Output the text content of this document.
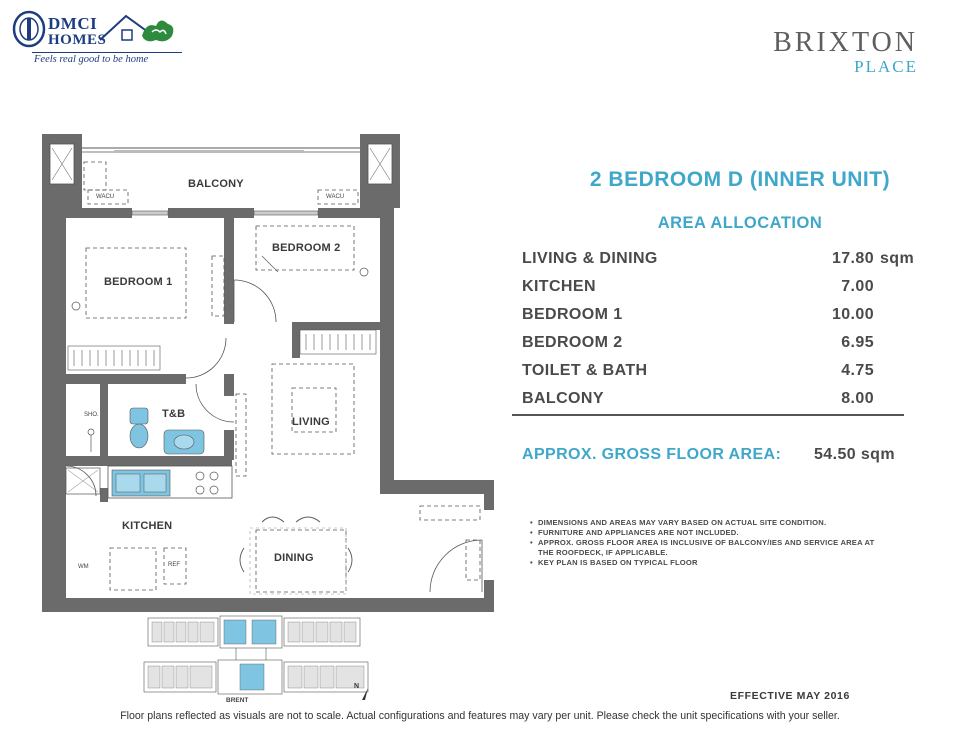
DMCI
HOMES
Feels real good to be home
BRIXTON
PLACE
BALCONY
BEDROOM 2
BEDROOM 1
T&B
LIVING
KITCHEN
DINING
WACU	WACU
SHO.
WM	REF
BRENT
N
2 BEDROOM D (INNER UNIT)
AREA ALLOCATION
LIVING & DINING	17.80 sqm
KITCHEN	7.00
BEDROOM 1	10.00
BEDROOM 2	6.95
TOILET & BATH	4.75
BALCONY	8.00
APPROX. GROSS FLOOR AREA: 54.50 sqm
• DIMENSIONS AND AREAS MAY VARY BASED ON ACTUAL SITE CONDITION.
• FURNITURE AND APPLIANCES ARE NOT INCLUDED.
• APPROX. GROSS FLOOR AREA IS INCLUSIVE OF BALCONY/IES AND SERVICE AREA AT THE ROOFDECK, IF APPLICABLE.
• KEY PLAN IS BASED ON TYPICAL FLOOR
EFFECTIVE MAY 2016
Floor plans reflected as visuals are not to scale. Actual configurations and features may vary per unit. Please check the unit specifications with your seller.
